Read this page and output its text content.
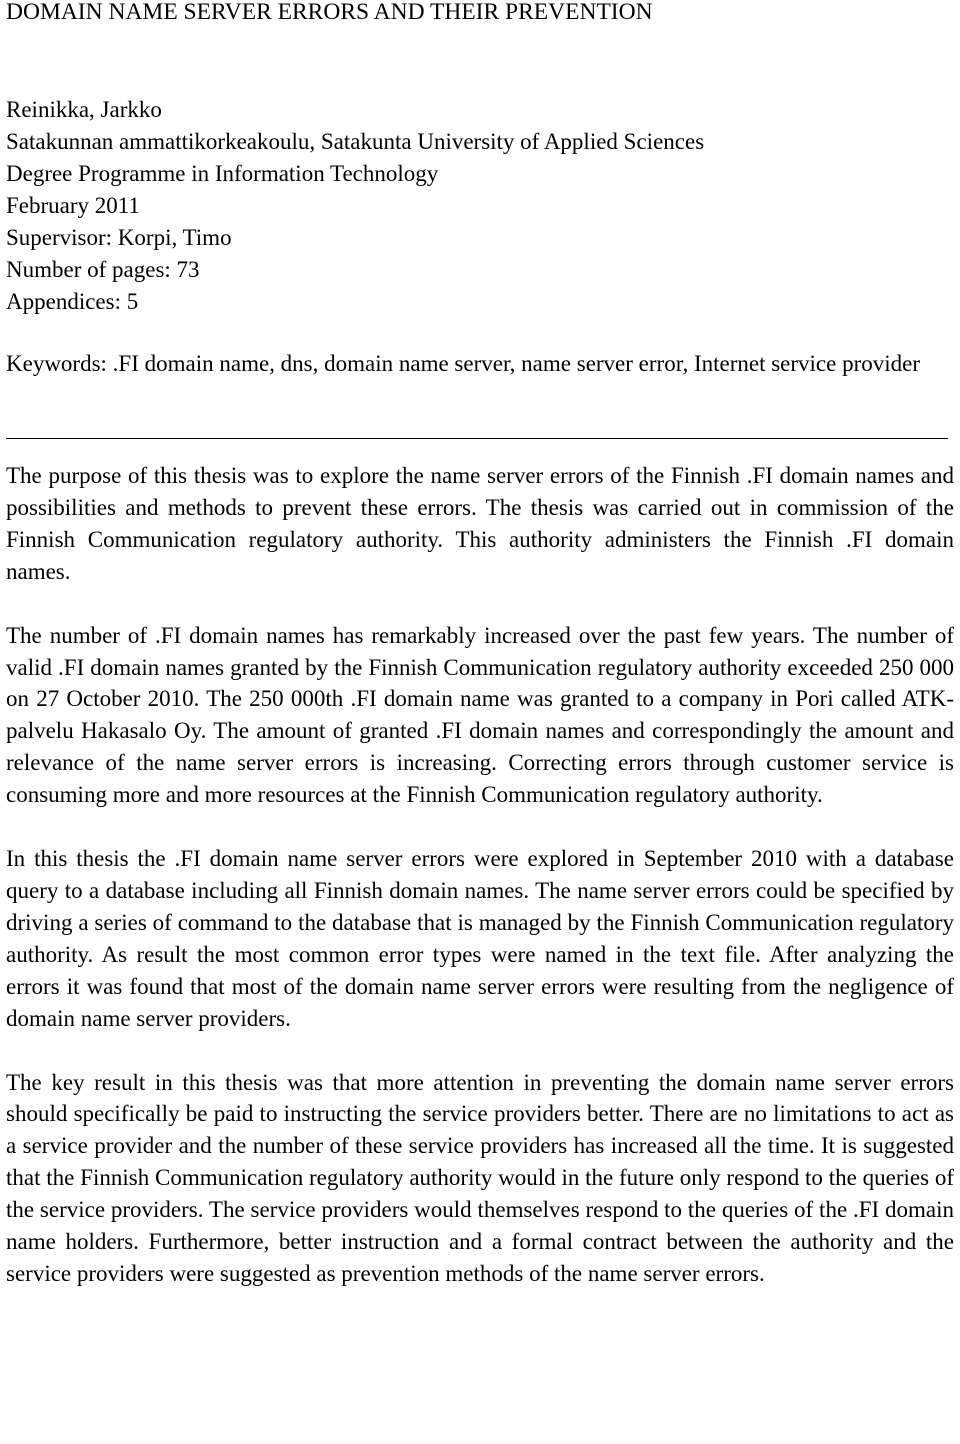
DOMAIN NAME SERVER ERRORS AND THEIR PREVENTION
Reinikka, Jarkko
Satakunnan ammattikorkeakoulu, Satakunta University of Applied Sciences
Degree Programme in Information Technology
February 2011
Supervisor: Korpi, Timo
Number of pages: 73
Appendices: 5

Keywords: .FI domain name, dns, domain name server, name server error, Internet service provider

The purpose of this thesis was to explore the name server errors of the Finnish .FI domain names and possibilities and methods to prevent these errors. The thesis was carried out in commission of the Finnish Communication regulatory authority. This authority administers the Finnish .FI domain names.

The number of .FI domain names has remarkably increased over the past few years. The number of valid .FI domain names granted by the Finnish Communication regulatory authority exceeded 250 000 on 27 October 2010. The 250 000th .FI domain name was granted to a company in Pori called ATK-palvelu Hakasalo Oy. The amount of granted .FI domain names and correspondingly the amount and relevance of the name server errors is increasing. Correcting errors through customer service is consuming more and more resources at the Finnish Communication regulatory authority.

In this thesis the .FI domain name server errors were explored in September 2010 with a database query to a database including all Finnish domain names. The name server errors could be specified by driving a series of command to the database that is managed by the Finnish Communication regulatory authority. As result the most common error types were named in the text file. After analyzing the errors it was found that most of the domain name server errors were resulting from the negligence of domain name server providers.

The key result in this thesis was that more attention in preventing the domain name server errors should specifically be paid to instructing the service providers better. There are no limitations to act as a service provider and the number of these service providers has increased all the time. It is suggested that the Finnish Communication regulatory authority would in the future only respond to the queries of the service providers. The service providers would themselves respond to the queries of the .FI domain name holders. Furthermore, better instruction and a formal contract between the authority and the service providers were suggested as prevention methods of the name server errors.
